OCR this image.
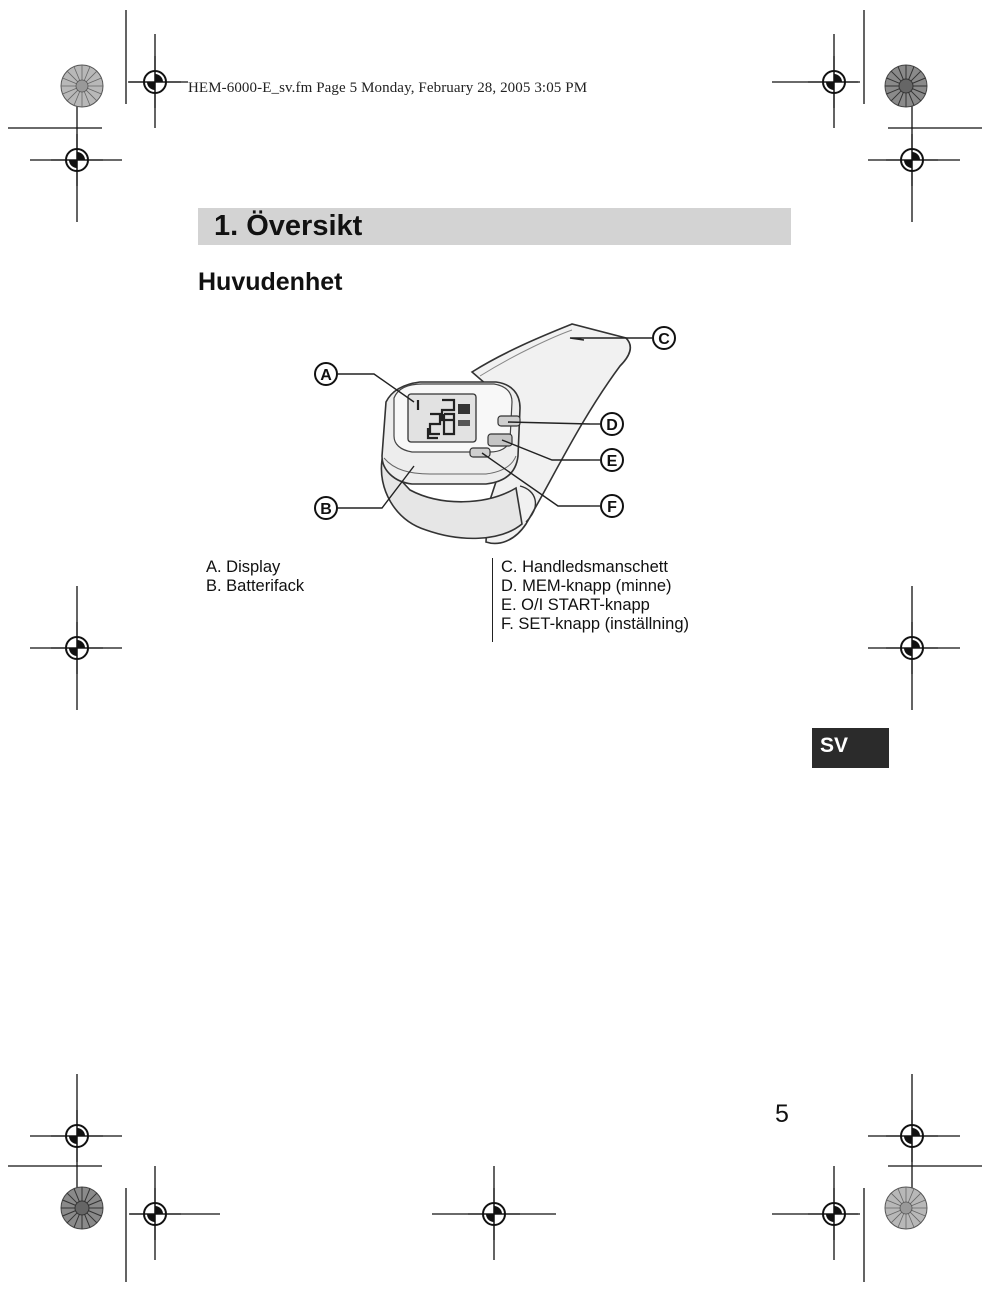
HEM-6000-E_sv.fm Page 5 Monday, February 28, 2005 3:05 PM
1. Översikt
Huvudenhet
A
B
C
D
E
F
A. Display
B. Batterifack
C. Handledsmanschett
D. MEM-knapp (minne)
E. O/I START-knapp
F. SET-knapp (inställning)
SV
5
